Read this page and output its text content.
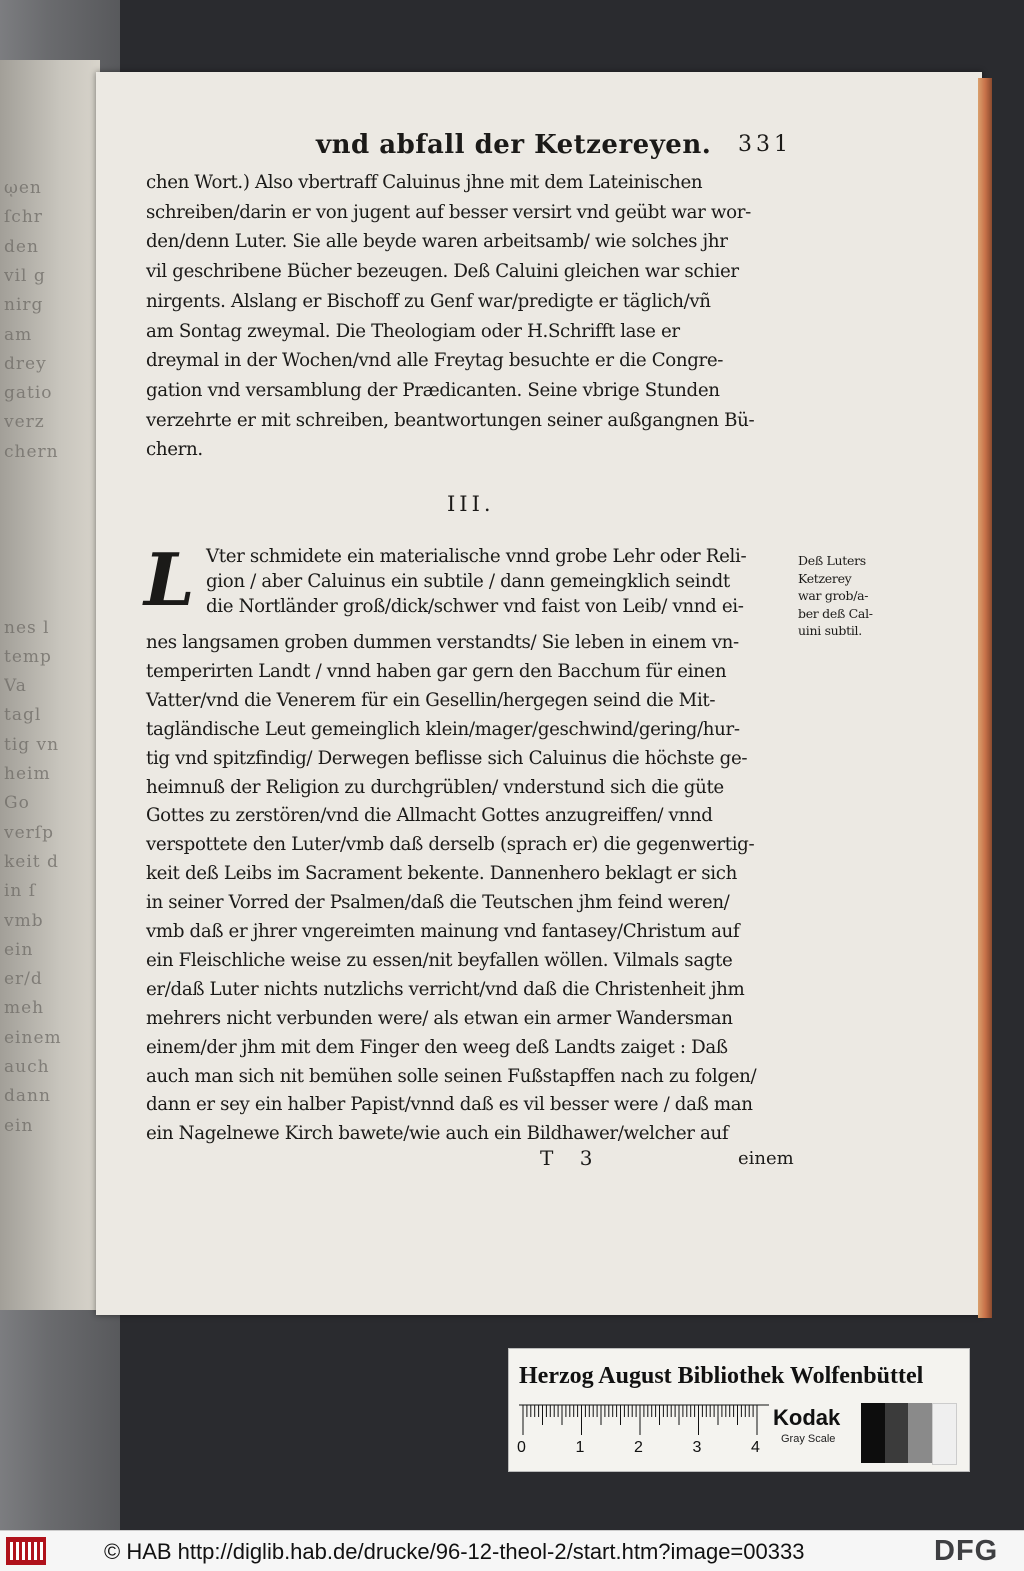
ῳen
ſchr
den
vil g
nirg
am
drey
gatio
verz
chern
nes l
temp
Va
tagl
tig vn
heim
Go
verſp
keit d
in ſ
vmb
ein
er/d
meh
einem
auch
dann
ein
vnd abfall der Ketzereyen. 331
chen Wort.) Also vbertraff Caluinus jhne mit dem Lateinischen
schreiben/darin er von jugent auf besser versirt vnd geübt war wor-
den/denn Luter. Sie alle beyde waren arbeitsamb/ wie solches jhr
vil geschribene Bücher bezeugen. Deß Caluini gleichen war schier
nirgents. Alslang er Bischoff zu Genf war/predigte er täglich/vñ
am Sontag zweymal. Die Theologiam oder H.Schrifft lase er
dreymal in der Wochen/vnd alle Freytag besuchte er die Congre-
gation vnd versamblung der Prædicanten. Seine vbrige Stunden
verzehrte er mit schreiben, beantwortungen seiner außgangnen Bü-
chern.
III.
L Vter schmidete ein materialische vnnd grobe Lehr oder Reli-
gion / aber Caluinus ein subtile / dann gemeingklich seindt
die Nortländer groß/dick/schwer vnd faist von Leib/ vnnd ei-
nes langsamen groben dummen verstandts/ Sie leben in einem vn-
temperirten Landt / vnnd haben gar gern den Bacchum für einen
Vatter/vnd die Venerem für ein Gesellin/hergegen seind die Mit-
tagländische Leut gemeinglich klein/mager/geschwind/gering/hur-
tig vnd spitzfindig/ Derwegen beflisse sich Caluinus die höchste ge-
heimnuß der Religion zu durchgrüblen/ vnderstund sich die güte
Gottes zu zerstören/vnd die Allmacht Gottes anzugreiffen/ vnnd
verspottete den Luter/vmb daß derselb (sprach er) die gegenwertig-
keit deß Leibs im Sacrament bekente. Dannenhero beklagt er sich
in seiner Vorred der Psalmen/daß die Teutschen jhm feind weren/
vmb daß er jhrer vngereimten mainung vnd fantasey/Christum auf
ein Fleischliche weise zu essen/nit beyfallen wöllen. Vilmals sagte
er/daß Luter nichts nutzlichs verricht/vnd daß die Christenheit jhm
mehrers nicht verbunden were/ als etwan ein armer Wandersman
einem/der jhm mit dem Finger den weeg deß Landts zaiget : Daß
auch man sich nit bemühen solle seinen Fußstapffen nach zu folgen/
dann er sey ein halber Papist/vnnd daß es vil besser were / daß man
ein Nagelnewe Kirch bawete/wie auch ein Bildhawer/welcher auf
Deß Luters
Ketzerey
war grob/a-
ber deß Cal-
uini subtil.
T 3	einem
Herzog August Bibliothek Wolfenbüttel
0	1	2	3	4
Kodak
Gray Scale
© HAB http://diglib.hab.de/drucke/96-12-theol-2/start.htm?image=00333	DFG
